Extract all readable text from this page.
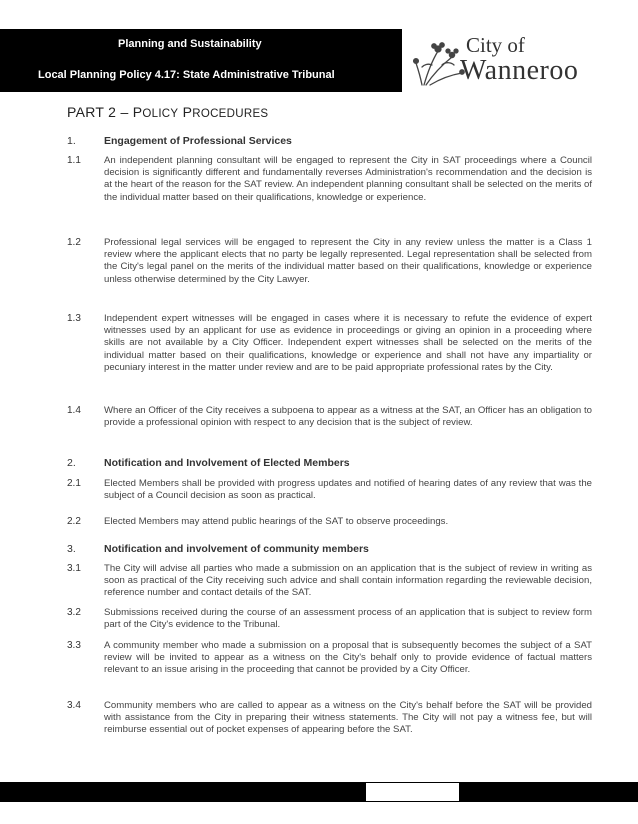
Planning and Sustainability
Local Planning Policy 4.17: State Administrative Tribunal
City of
Wanneroo
PART 2 – POLICY PROCEDURES
1.	Engagement of Professional Services
1.1 An independent planning consultant will be engaged to represent the City in SAT proceedings where a Council decision is significantly different and fundamentally reverses Administration's recommendation and the decision is at the heart of the reason for the SAT review. An independent planning consultant shall be selected on the merits of the individual matter based on their qualifications, knowledge or experience.
1.2 Professional legal services will be engaged to represent the City in any review unless the matter is a Class 1 review where the applicant elects that no party be legally represented. Legal representation shall be selected from the City's legal panel on the merits of the individual matter based on their qualifications, knowledge or experience unless otherwise determined by the City Lawyer.
1.3 Independent expert witnesses will be engaged in cases where it is necessary to refute the evidence of expert witnesses used by an applicant for use as evidence in proceedings or giving an opinion in a proceeding where skills are not available by a City Officer. Independent expert witnesses shall be selected on the merits of the individual matter based on their qualifications, knowledge or experience and shall not have any impartiality or pecuniary interest in the matter under review and are to be paid appropriate professional rates by the City.
1.4 Where an Officer of the City receives a subpoena to appear as a witness at the SAT, an Officer has an obligation to provide a professional opinion with respect to any decision that is the subject of review.
2.	Notification and Involvement of Elected Members
2.1 Elected Members shall be provided with progress updates and notified of hearing dates of any review that was the subject of a Council decision as soon as practical.
2.2 Elected Members may attend public hearings of the SAT to observe proceedings.
3.	Notification and involvement of community members
3.1 The City will advise all parties who made a submission on an application that is the subject of review in writing as soon as practical of the City receiving such advice and shall contain information regarding the reviewable decision, reference number and contact details of the SAT.
3.2 Submissions received during the course of an assessment process of an application that is subject to review form part of the City's evidence to the Tribunal.
3.3 A community member who made a submission on a proposal that is subsequently becomes the subject of a SAT review will be invited to appear as a witness on the City's behalf only to provide evidence of factual matters relevant to an issue arising in the proceeding that cannot be provided by a City Officer.
3.4 Community members who are called to appear as a witness on the City's behalf before the SAT will be provided with assistance from the City in preparing their witness statements. The City will not pay a witness fee, but will reimburse essential out of pocket expenses of appearing before the SAT.
